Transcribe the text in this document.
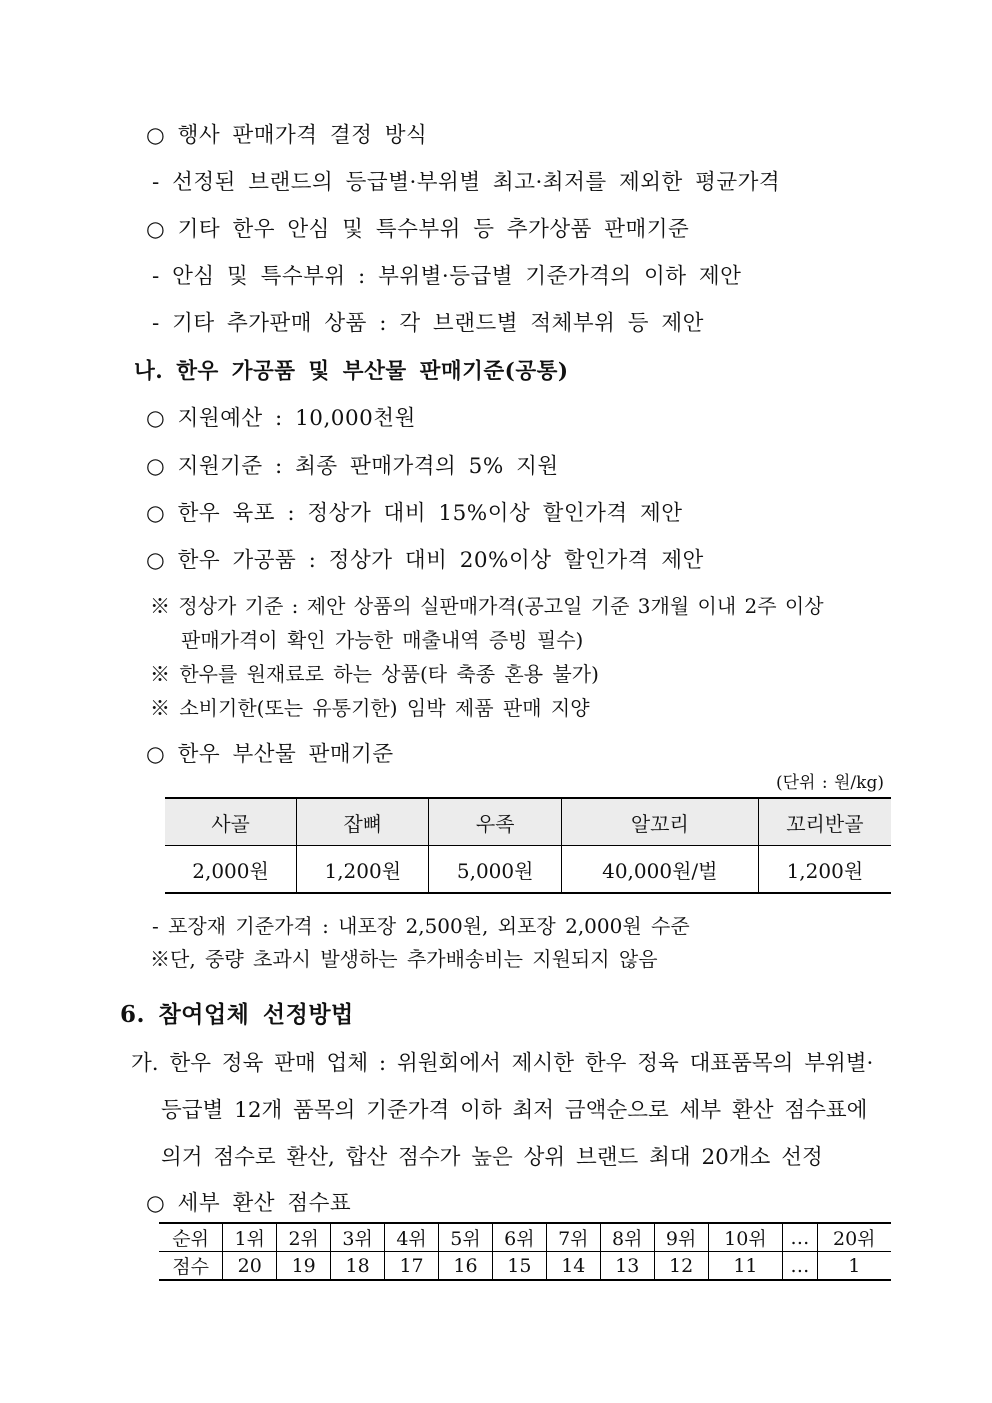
○ 행사 판매가격 결정 방식
- 선정된 브랜드의 등급별·부위별 최고·최저를 제외한 평균가격
○ 기타 한우 안심 및 특수부위 등 추가상품 판매기준
- 안심 및 특수부위 : 부위별·등급별 기준가격의 이하 제안
- 기타 추가판매 상품 : 각 브랜드별 적체부위 등 제안
나. 한우 가공품 및 부산물 판매기준(공통)
○ 지원예산 : 10,000천원
○ 지원기준 : 최종 판매가격의 5% 지원
○ 한우 육포 : 정상가 대비 15%이상 할인가격 제안
○ 한우 가공품 : 정상가 대비 20%이상 할인가격 제안
※ 정상가 기준 : 제안 상품의 실판매가격(공고일 기준 3개월 이내 2주 이상
판매가격이 확인 가능한 매출내역 증빙 필수)
※ 한우를 원재료로 하는 상품(타 축종 혼용 불가)
※ 소비기한(또는 유통기한) 임박 제품 판매 지양
○ 한우 부산물 판매기준
(단위 : 원/kg)
사골	잡뼈	우족	알꼬리	꼬리반골
2,000원	1,200원	5,000원	40,000원/벌	1,200원
- 포장재 기준가격 : 내포장 2,500원, 외포장 2,000원 수준
※단, 중량 초과시 발생하는 추가배송비는 지원되지 않음
6. 참여업체 선정방법
가. 한우 정육 판매 업체 : 위원회에서 제시한 한우 정육 대표품목의 부위별·
등급별 12개 품목의 기준가격 이하 최저 금액순으로 세부 환산 점수표에
의거 점수로 환산, 합산 점수가 높은 상위 브랜드 최대 20개소 선정
○ 세부 환산 점수표
순위	1위	2위	3위	4위	5위	6위	7위	8위	9위	10위	…	20위
점수	20	19	18	17	16	15	14	13	12	11	…	1
